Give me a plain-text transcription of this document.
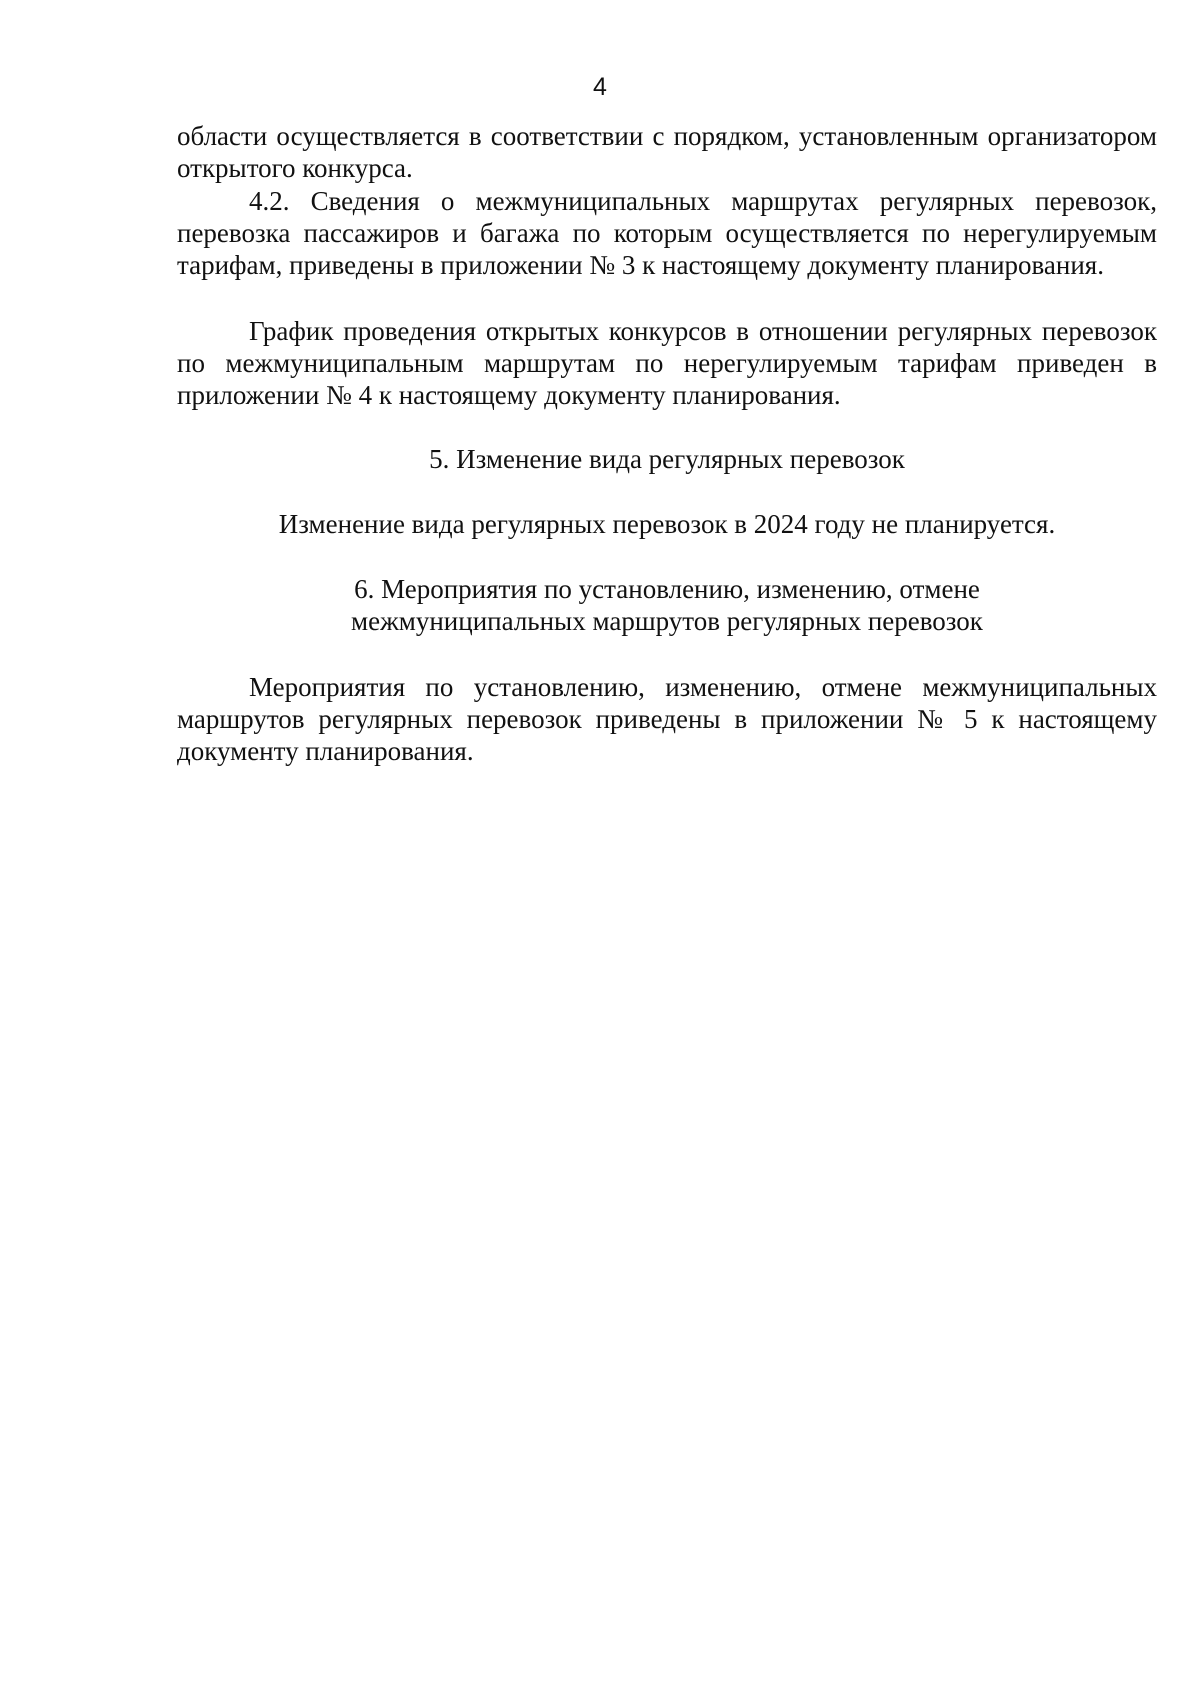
4

области осуществляется в соответствии с порядком, установленным организатором открытого конкурса.

4.2. Сведения о межмуниципальных маршрутах регулярных перевозок, перевозка пассажиров и багажа по которым осуществляется по нерегулируемым тарифам, приведены в приложении № 3 к настоящему документу планирования.

График проведения открытых конкурсов в отношении регулярных перевозок по межмуниципальным маршрутам по нерегулируемым тарифам приведен в приложении № 4 к настоящему документу планирования.

5. Изменение вида регулярных перевозок

Изменение вида регулярных перевозок в 2024 году не планируется.

6. Мероприятия по установлению, изменению, отмене
межмуниципальных маршрутов регулярных перевозок

Мероприятия по установлению, изменению, отмене межмуниципальных маршрутов регулярных перевозок приведены в приложении № 5 к настоящему документу планирования.
